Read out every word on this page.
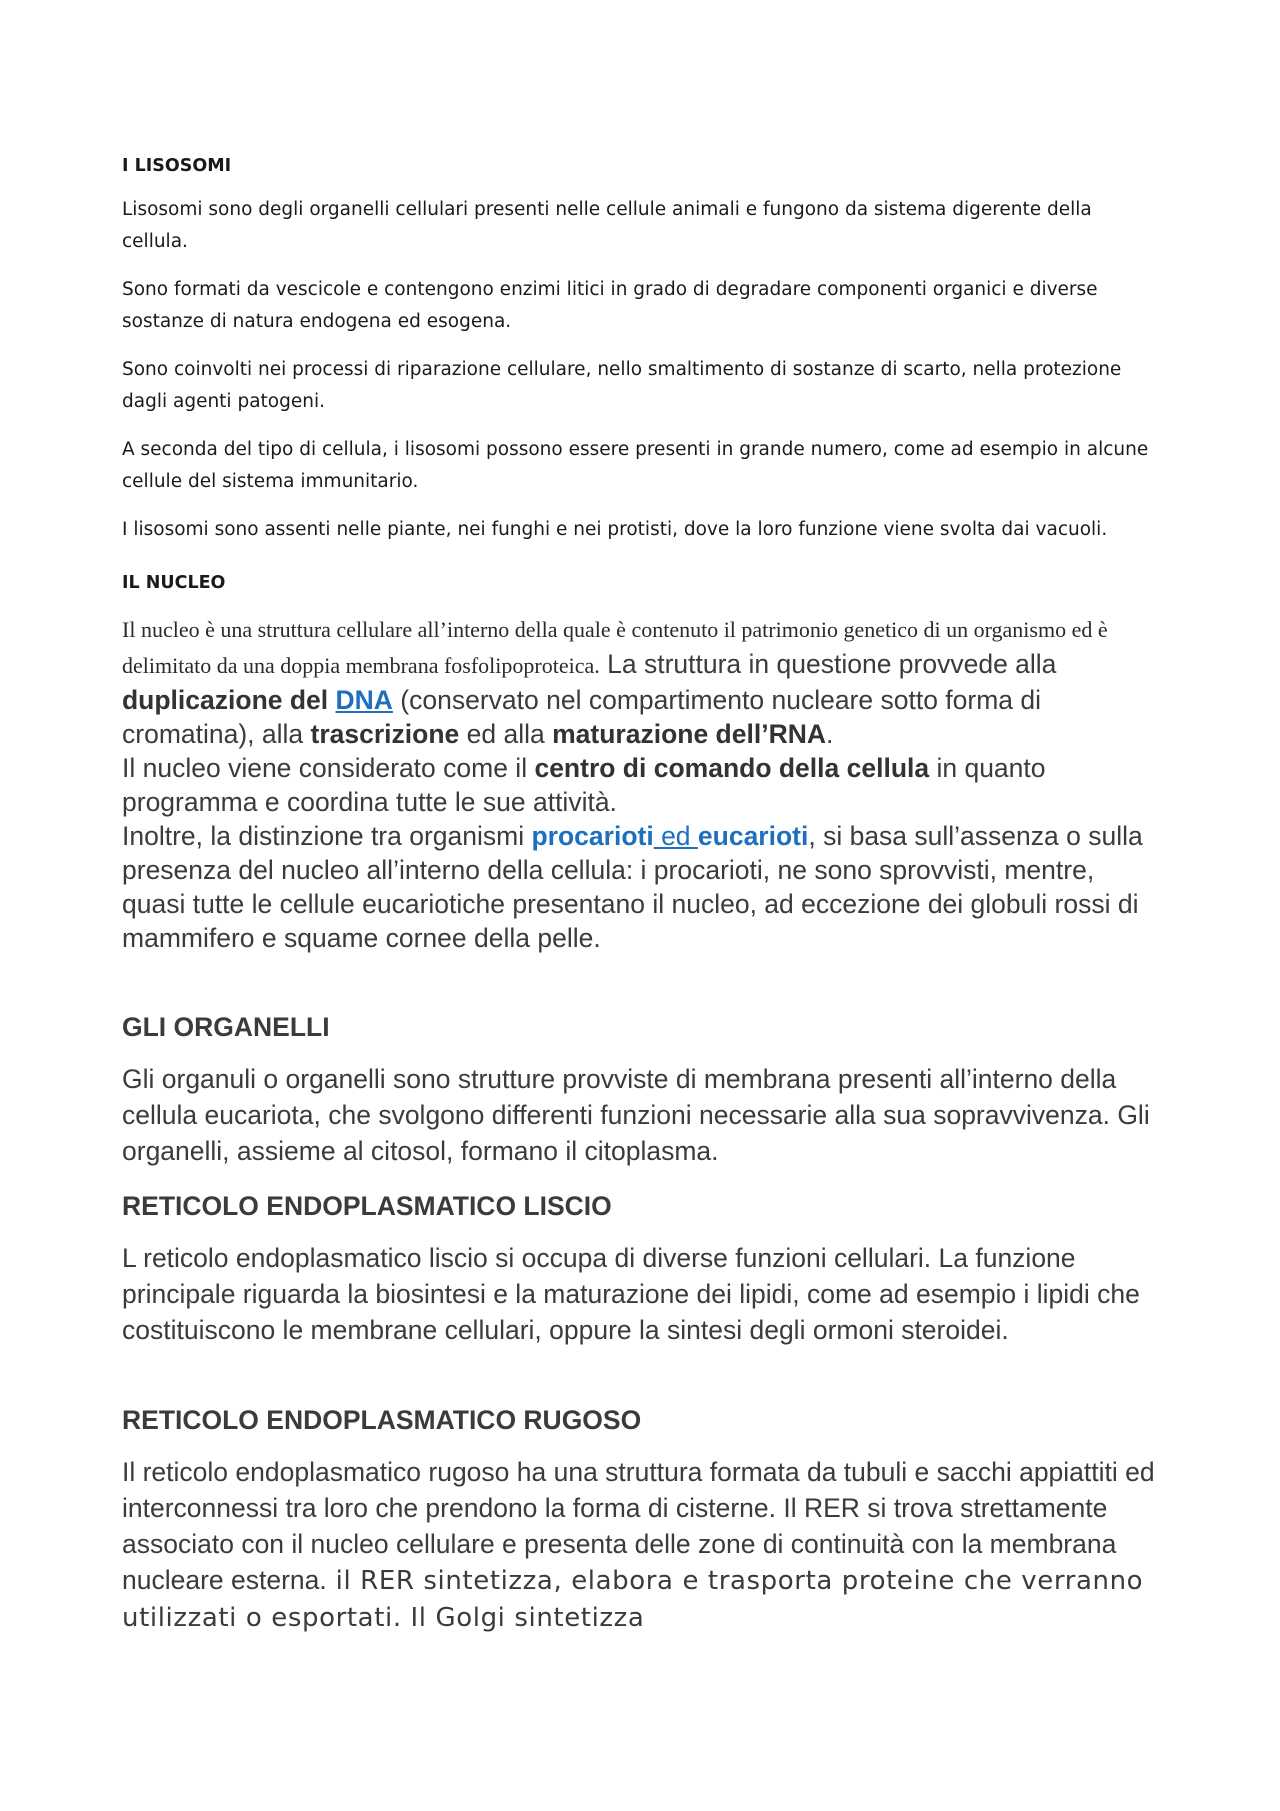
I LISOSOMI

Lisosomi sono degli organelli cellulari presenti nelle cellule animali e fungono da sistema digerente della cellula.

Sono formati da vescicole e contengono enzimi litici in grado di degradare componenti organici e diverse sostanze di natura endogena ed esogena.

Sono coinvolti nei processi di riparazione cellulare, nello smaltimento di sostanze di scarto, nella protezione dagli agenti patogeni.

A seconda del tipo di cellula, i lisosomi possono essere presenti in grande numero, come ad esempio in alcune cellule del sistema immunitario.

I lisosomi sono assenti nelle piante, nei funghi e nei protisti, dove la loro funzione viene svolta dai vacuoli.

IL NUCLEO
Il nucleo è una struttura cellulare all’interno della quale è contenuto il patrimonio genetico di un organismo ed è delimitato da una doppia membrana fosfolipoproteica. La struttura in questione provvede alla duplicazione del DNA (conservato nel compartimento nucleare sotto forma di cromatina), alla trascrizione ed alla maturazione dell’RNA.
Il nucleo viene considerato come il centro di comando della cellula in quanto programma e coordina tutte le sue attività.
Inoltre, la distinzione tra organismi procarioti ed eucarioti, si basa sull’assenza o sulla presenza del nucleo all’interno della cellula: i procarioti, ne sono sprovvisti, mentre, quasi tutte le cellule eucariotiche presentano il nucleo, ad eccezione dei globuli rossi di mammifero e squame cornee della pelle.
GLI ORGANELLI

Gli organuli o organelli sono strutture provviste di membrana presenti all’interno della cellula eucariota, che svolgono differenti funzioni necessarie alla sua sopravvivenza. Gli organelli, assieme al citosol, formano il citoplasma.

RETICOLO ENDOPLASMATICO LISCIO

L reticolo endoplasmatico liscio si occupa di diverse funzioni cellulari. La funzione principale riguarda la biosintesi e la maturazione dei lipidi, come ad esempio i lipidi che costituiscono le membrane cellulari, oppure la sintesi degli ormoni steroidei.

RETICOLO ENDOPLASMATICO RUGOSO

Il reticolo endoplasmatico rugoso ha una struttura formata da tubuli e sacchi appiattiti ed interconnessi tra loro che prendono la forma di cisterne. Il RER si trova strettamente associato con il nucleo cellulare e presenta delle zone di continuità con la membrana nucleare esterna. il RER sintetizza, elabora e trasporta proteine che verranno utilizzati o esportati. Il Golgi sintetizza
